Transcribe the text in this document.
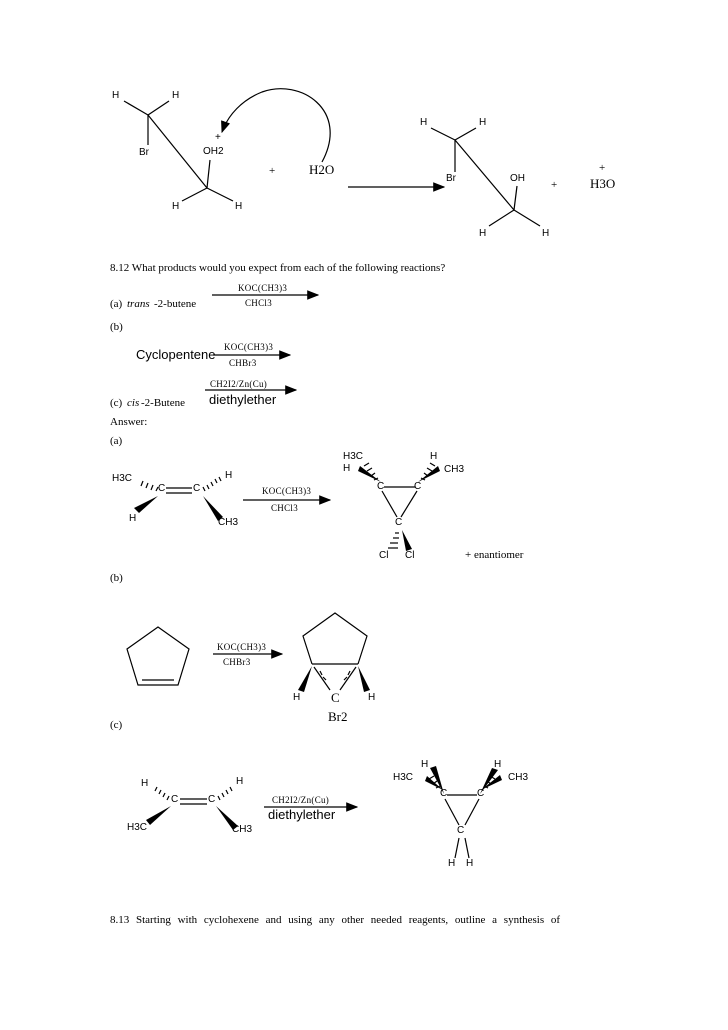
H	H
Br
+
OH2
H	H
+	H2O
H	H
Br	OH
H	H
+
+
H3O
8.12 What products would you expect from each of the following reactions?
KOC(CH3)3
(a) trans -2-butene	CHCl3
(b)
Cyclopentene KOC(CH3)3
CHBr3
CH2I2/Zn(Cu)
(c) cis -2-Butene diethylether
Answer:
(a)
H3C
H
C	C
H
CH3
KOC(CH3)3
CHCl3
H3C
H
H
CH3
C	C
C
Cl Cl	+ enantiomer
(b)
KOC(CH3)3
CHBr3
H	H
C
Br2
(c)
H
H3C
C	C
H
CH3
CH2I2/Zn(Cu)
diethylether
H	H
H3C	CH3
C	C
C
H H
8.13 Starting with cyclohexene and using any other needed reagents, outline a synthesis of
